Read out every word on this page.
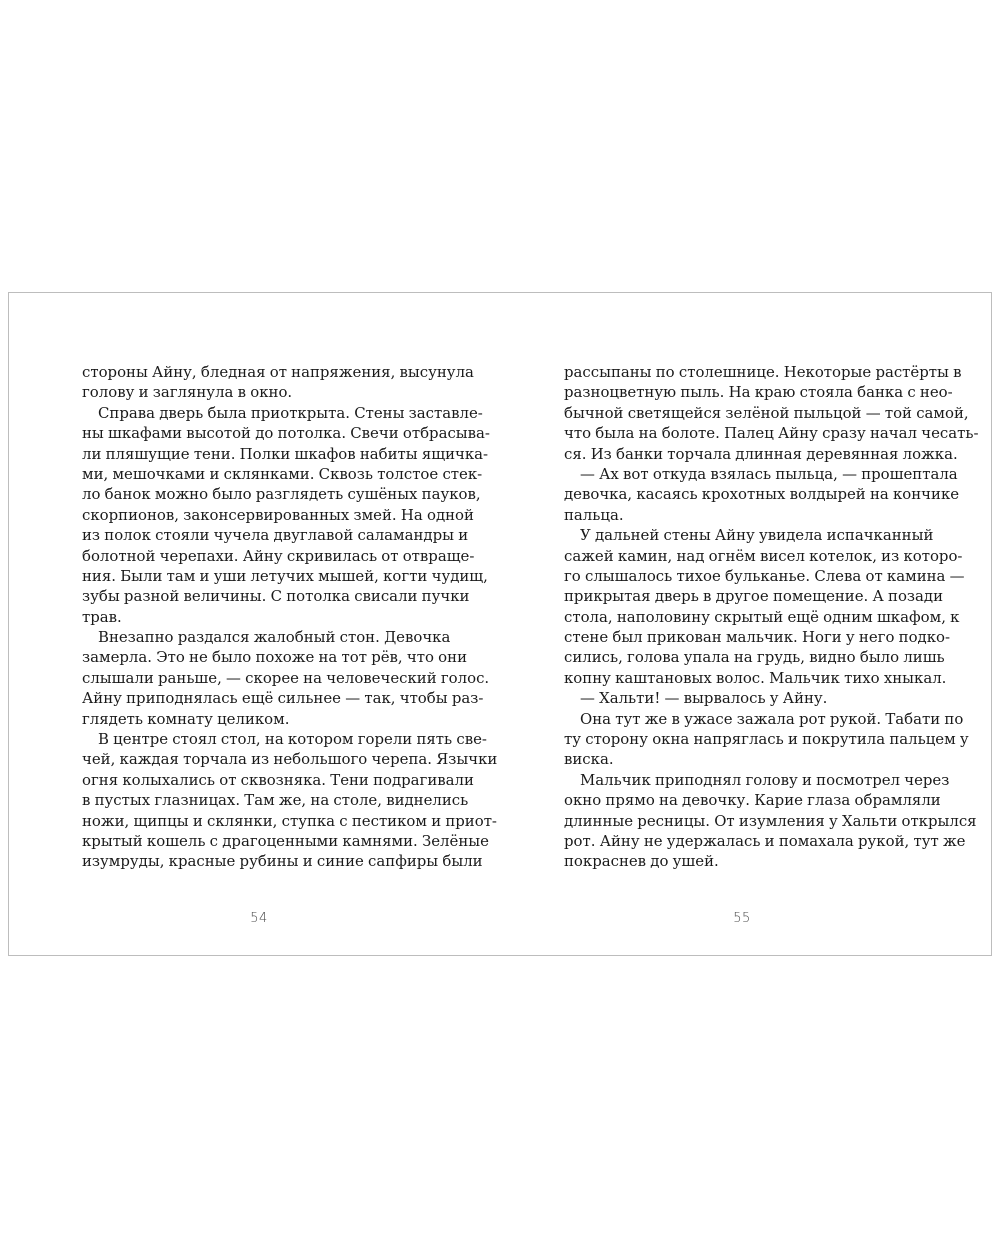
стороны Айну, бледная от напряжения, высунула
голову и заглянула в окно.
Справа дверь была приоткрыта. Стены заставле-
ны шкафами высотой до потолка. Свечи отбрасыва-
ли пляшущие тени. Полки шкафов набиты ящичка-
ми, мешочками и склянками. Сквозь толстое стек-
ло банок можно было разглядеть сушёных пауков,
скорпионов, законсервированных змей. На одной
из полок стояли чучела двуглавой саламандры и
болотной черепахи. Айну скривилась от отвраще-
ния. Были там и уши летучих мышей, когти чудищ,
зубы разной величины. С потолка свисали пучки
трав.
Внезапно раздался жалобный стон. Девочка
замерла. Это не было похоже на тот рёв, что они
слышали раньше, — скорее на человеческий голос.
Айну приподнялась ещё сильнее — так, чтобы раз-
глядеть комнату целиком.
В центре стоял стол, на котором горели пять све-
чей, каждая торчала из небольшого черепа. Язычки
огня колыхались от сквозняка. Тени подрагивали
в пустых глазницах. Там же, на столе, виднелись
ножи, щипцы и склянки, ступка с пестиком и приот-
крытый кошель с драгоценными камнями. Зелёные
изумруды, красные рубины и синие сапфиры были
рассыпаны по столешнице. Некоторые растёрты в
разноцветную пыль. На краю стояла банка с нео-
бычной светящейся зелёной пыльцой — той самой,
что была на болоте. Палец Айну сразу начал чесать-
ся. Из банки торчала длинная деревянная ложка.
— Ах вот откуда взялась пыльца, — прошептала
девочка, касаясь крохотных волдырей на кончике
пальца.
У дальней стены Айну увидела испачканный
сажей камин, над огнём висел котелок, из которо-
го слышалось тихое бульканье. Слева от камина —
прикрытая дверь в другое помещение. А позади
стола, наполовину скрытый ещё одним шкафом, к
стене был прикован мальчик. Ноги у него подко-
сились, голова упала на грудь, видно было лишь
копну каштановых волос. Мальчик тихо хныкал.
— Хальти! — вырвалось у Айну.
Она тут же в ужасе зажала рот рукой. Табати по
ту сторону окна напряглась и покрутила пальцем у
виска.
Мальчик приподнял голову и посмотрел через
окно прямо на девочку. Карие глаза обрамляли
длинные ресницы. От изумления у Хальти открылся
рот. Айну не удержалась и помахала рукой, тут же
покраснев до ушей.
54	55
